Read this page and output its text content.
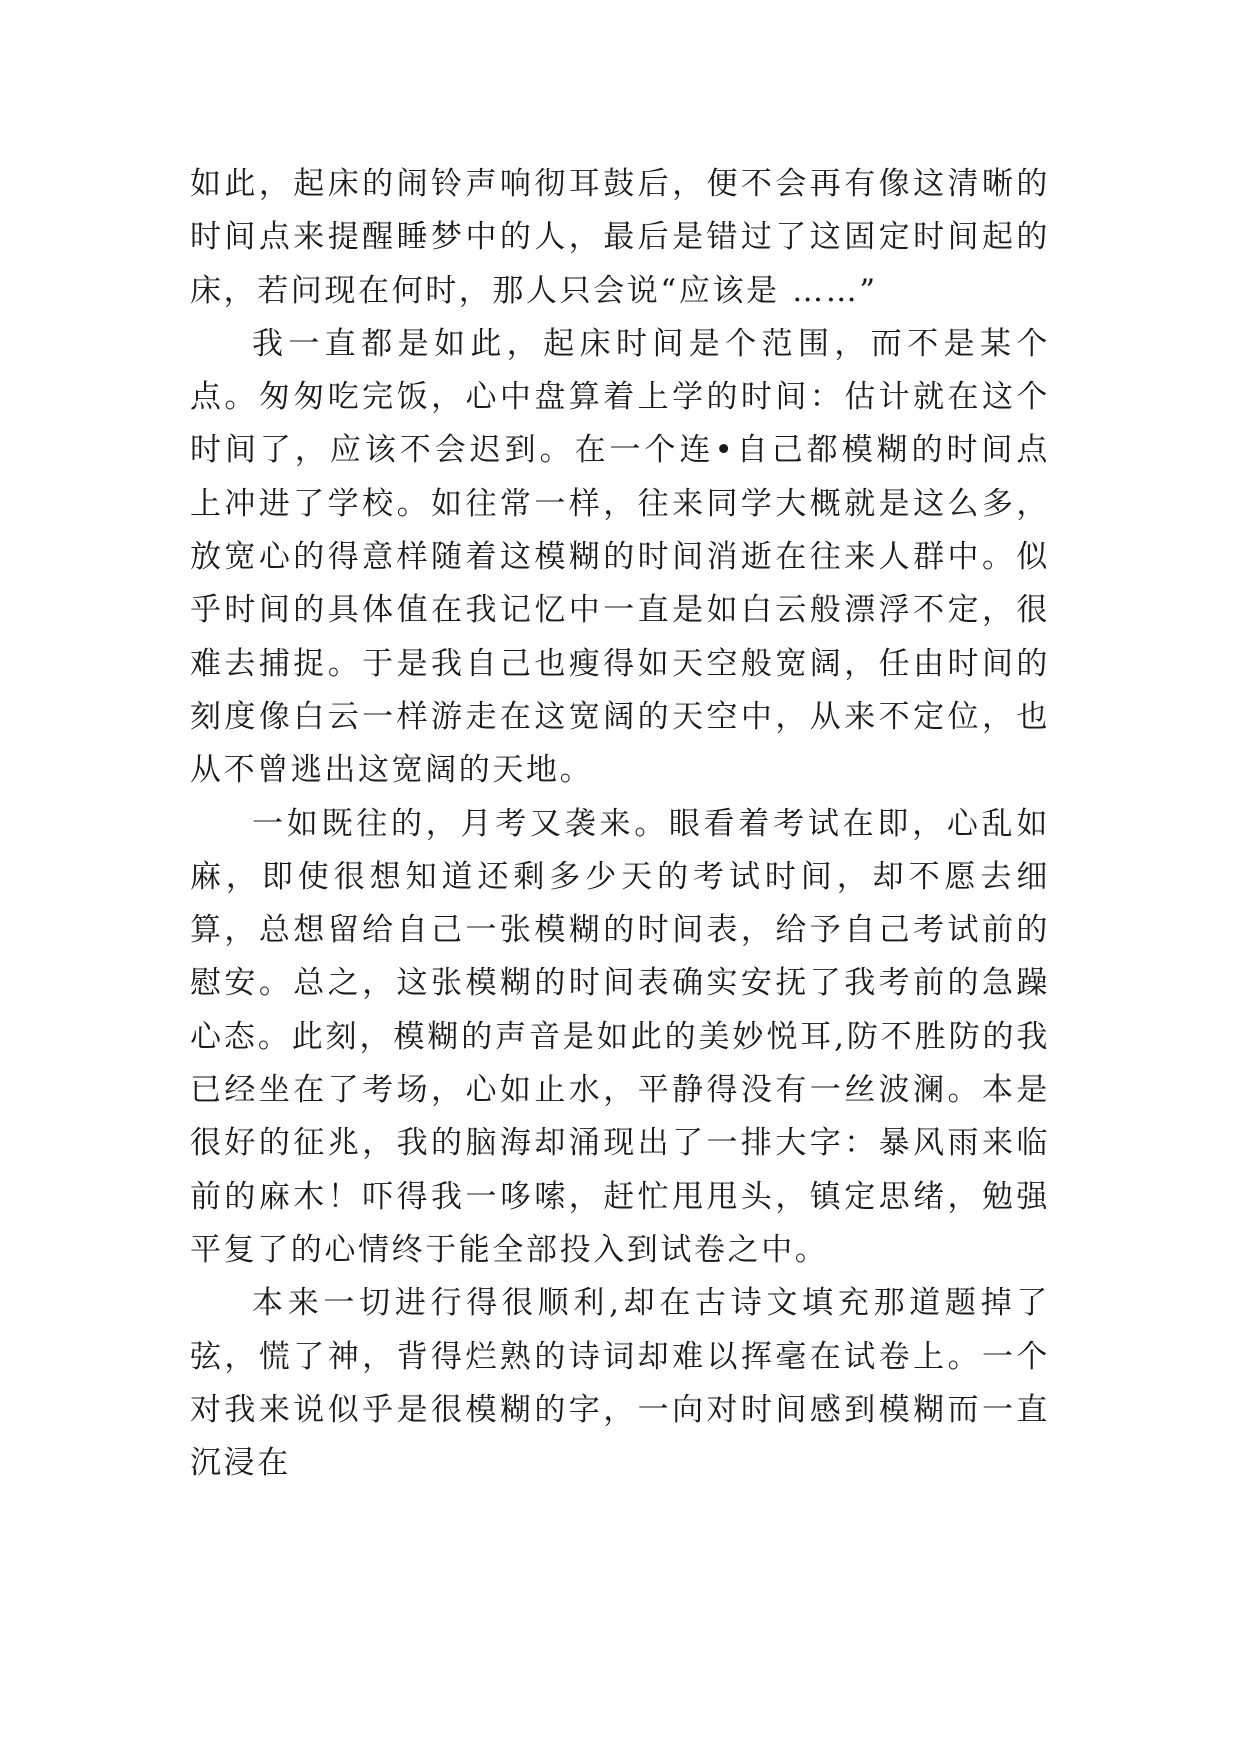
如此，起床的闹铃声响彻耳鼓后，便不会再有像这清晰的时间点来提醒睡梦中的人，最后是错过了这固定时间起的床，若问现在何时，那人只会说“应该是 ……”

我一直都是如此，起床时间是个范围，而不是某个点。匆匆吃完饭，心中盘算着上学的时间：估计就在这个时间了，应该不会迟到。在一个连•自己都模糊的时间点上冲进了学校。如往常一样，往来同学大概就是这么多，放宽心的得意样随着这模糊的时间消逝在往来人群中。似乎时间的具体值在我记忆中一直是如白云般漂浮不定，很难去捕捉。于是我自己也瘦得如天空般宽阔，任由时间的刻度像白云一样游走在这宽阔的天空中，从来不定位，也从不曾逃出这宽阔的天地。

一如既往的，月考又袭来。眼看着考试在即，心乱如麻，即使很想知道还剩多少天的考试时间，却不愿去细算，总想留给自己一张模糊的时间表，给予自己考试前的慰安。总之，这张模糊的时间表确实安抚了我考前的急躁心态。此刻，模糊的声音是如此的美妙悦耳,防不胜防的我已经坐在了考场，心如止水，平静得没有一丝波澜。本是很好的征兆，我的脑海却涌现出了一排大字：暴风雨来临前的麻木！吓得我一哆嗦，赶忙甩甩头，镇定思绪，勉强平复了的心情终于能全部投入到试卷之中。

本来一切进行得很顺利,却在古诗文填充那道题掉了弦，慌了神，背得烂熟的诗词却难以挥毫在试卷上。一个对我来说似乎是很模糊的字，一向对时间感到模糊而一直沉浸在
